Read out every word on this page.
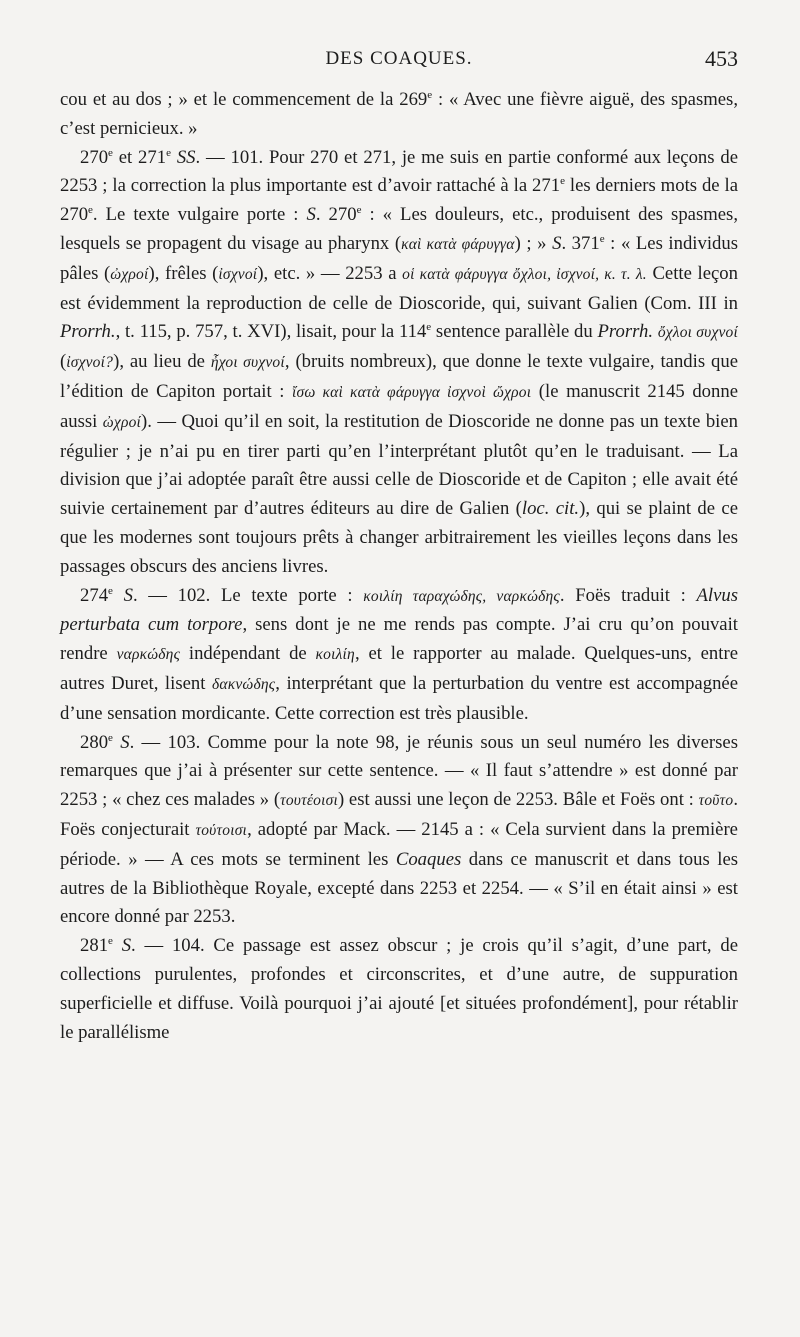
DES COAQUES.	453

cou et au dos ; » et le commencement de la 269e : « Avec une fièvre aiguë, des spasmes, c’est pernicieux. »

270e et 271e SS. — 101. Pour 270 et 271, je me suis en partie conformé aux leçons de 2253 ; la correction la plus importante est d’avoir rattaché à la 271e les derniers mots de la 270e. Le texte vulgaire porte : S. 270e : « Les douleurs, etc., produisent des spasmes, lesquels se propagent du visage au pharynx (καὶ κατὰ φάρυγγα) ; » S. 371e : « Les individus pâles (ὠχροί), frêles (ἰσχνοί), etc. » — 2253 a οἱ κατὰ φάρυγγα ὄχλοι, ἰσχνοί, κ. τ. λ. Cette leçon est évidemment la reproduction de celle de Dioscoride, qui, suivant Galien (Com. III in Prorrh., t. 115, p. 757, t. XVI), lisait, pour la 114e sentence parallèle du Prorrh. ὄχλοι συχνοί (ἰσχνοί?), au lieu de ἦχοι συχνοί, (bruits nombreux), que donne le texte vulgaire, tandis que l’édition de Capiton portait : ἴσω καὶ κατὰ φάρυγγα ἰσχνοὶ ὤχροι (le manuscrit 2145 donne aussi ὠχροί). — Quoi qu’il en soit, la restitution de Dioscoride ne donne pas un texte bien régulier ; je n’ai pu en tirer parti qu’en l’interprétant plutôt qu’en le traduisant. — La division que j’ai adoptée paraît être aussi celle de Dioscoride et de Capiton ; elle avait été suivie certainement par d’autres éditeurs au dire de Galien (loc. cit.), qui se plaint de ce que les modernes sont toujours prêts à changer arbitrairement les vieilles leçons dans les passages obscurs des anciens livres.

274e S. — 102. Le texte porte : κοιλίη ταραχώδης, ναρκώδης. Foës traduit : Alvus perturbata cum torpore, sens dont je ne me rends pas compte. J’ai cru qu’on pouvait rendre ναρκώδης indépendant de κοιλίη, et le rapporter au malade. Quelques-uns, entre autres Duret, lisent δακνώδης, interprétant que la perturbation du ventre est accompagnée d’une sensation mordicante. Cette correction est très plausible.

280e S. — 103. Comme pour la note 98, je réunis sous un seul numéro les diverses remarques que j’ai à présenter sur cette sentence. — « Il faut s’attendre » est donné par 2253 ; « chez ces malades » (τουτέοισι) est aussi une leçon de 2253. Bâle et Foës ont : τοῦτο. Foës conjecturait τούτοισι, adopté par Mack. — 2145 a : « Cela survient dans la première période. » — A ces mots se terminent les Coaques dans ce manuscrit et dans tous les autres de la Bibliothèque Royale, excepté dans 2253 et 2254. — « S’il en était ainsi » est encore donné par 2253.

281e S. — 104. Ce passage est assez obscur ; je crois qu’il s’agit, d’une part, de collections purulentes, profondes et circonscrites, et d’une autre, de suppuration superficielle et diffuse. Voilà pourquoi j’ai ajouté [et situées profondément], pour rétablir le parallélisme
